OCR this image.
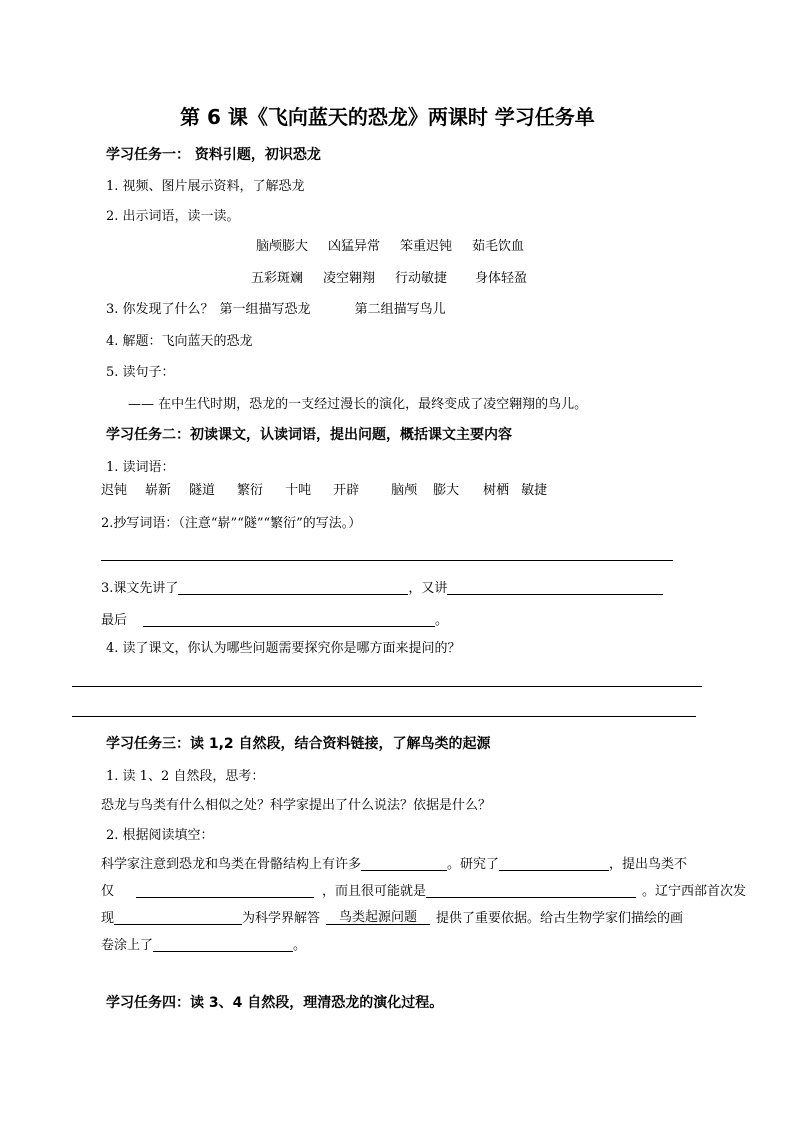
第 6 课《飞向蓝天的恐龙》两课时 学习任务单
学习任务一： 资料引题，初识恐龙
1. 视频、图片展示资料，了解恐龙
2. 出示词语，读一读。
脑颅膨大 凶猛异常 笨重迟钝 茹毛饮血
五彩斑斓 凌空翱翔 行动敏捷 身体轻盈
3. 你发现了什么？ 第一组描写恐龙	第二组描写鸟儿
4. 解题：飞向蓝天的恐龙
5. 读句子：
—— 在中生代时期，恐龙的一支经过漫长的演化，最终变成了凌空翱翔的鸟儿。
学习任务二：初读课文，认读词语，提出问题，概括课文主要内容
1. 读词语：
迟钝 崭新 隧道 繁衍 十吨 开辟 脑颅 膨大 树栖 敏捷
2.抄写词语：（注意“崭”“隧”“繁衍”的写法。）
3.课文先讲了	，又讲
最后	。
4. 读了课文，你认为哪些问题需要探究你是哪方面来提问的？
学习任务三：读 1,2 自然段，结合资料链接，了解鸟类的起源
1. 读 1、2 自然段，思考：
恐龙与鸟类有什么相似之处？科学家提出了什么说法？依据是什么？
2. 根据阅读填空：
科学家注意到恐龙和鸟类在骨骼结构上有许多	。研究了	，提出鸟类不
仅	，而且很可能就是	。辽宁西部首次发
现	为科学界解答 鸟类起源问题 提供了重要依据。给古生物学家们描绘的画
卷涂上了	。
学习任务四：读 3、4 自然段，理清恐龙的演化过程。
